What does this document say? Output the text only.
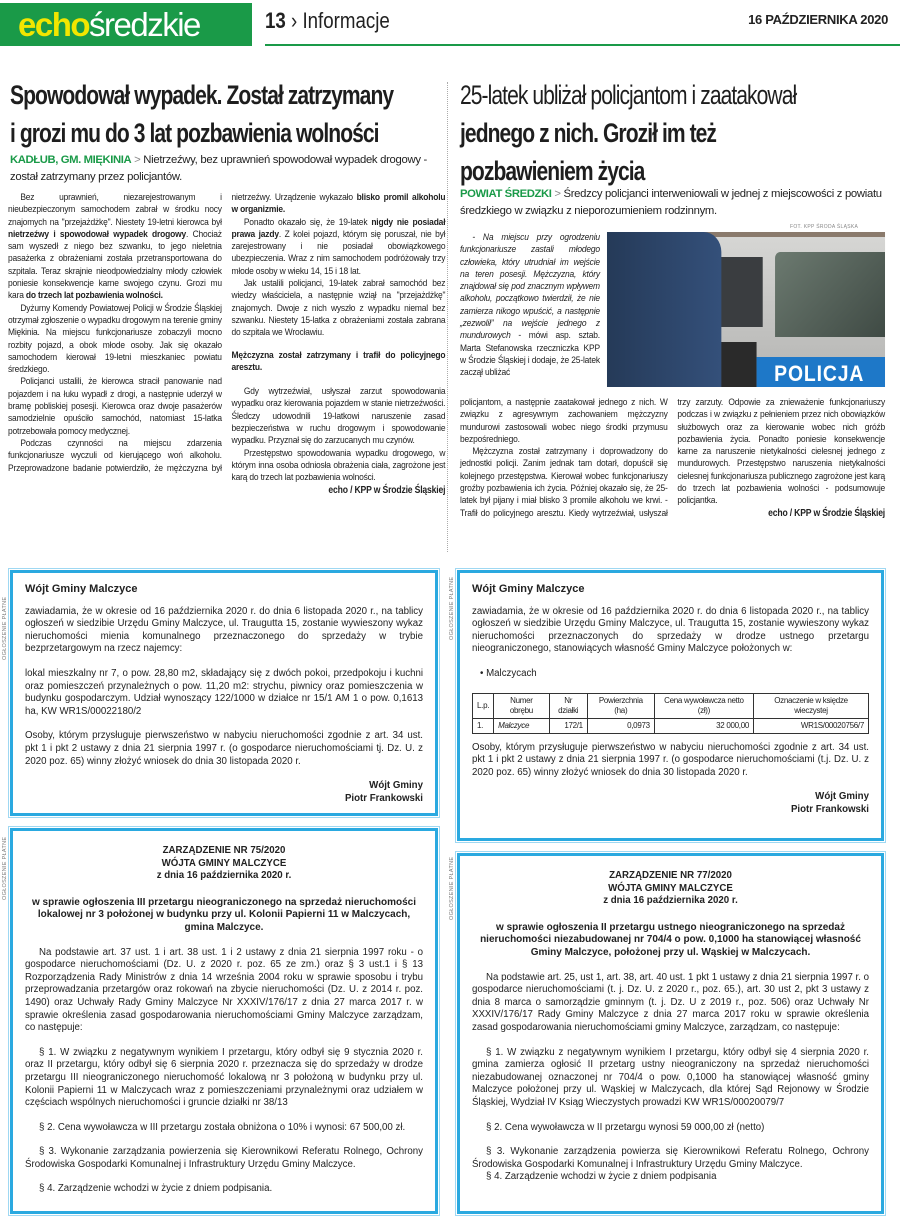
echo średzkie	13 › Informacje	16 PAŹDZIERNIKA 2020
Spowodował wypadek. Został zatrzymany
i grozi mu do 3 lat pozbawienia wolności
KADŁUB, GM. MIĘKINIA > Nietrzeźwy, bez uprawnień spowodował wypadek drogowy - został zatrzymany przez policjantów.

Bez uprawnień, niezarejestrowanym i nieubezpieczonym samochodem zabrał w środku nocy znajomych na "przejażdżkę". Niestety 19-letni kierowca był nietrzeźwy i spowodował wypadek drogowy. Chociaż sam wyszedł z niego bez szwanku, to jego nieletnia pasażerka z obrażeniami została przetransportowana do szpitala. Teraz skrajnie nieodpowiedzialny młody człowiek poniesie konsekwencje karne swojego czynu. Grozi mu kara do trzech lat pozbawienia wolności.

Dyżurny Komendy Powiatowej Policji w Środzie Śląskiej otrzymał zgłoszenie o wypadku drogowym na terenie gminy Miękinia. Na miejscu funkcjonariusze zobaczyli mocno rozbity pojazd, a obok młode osoby. Jak się okazało samochodem kierował 19-letni mieszkaniec powiatu średzkiego.

Policjanci ustalili, że kierowca stracił panowanie nad pojazdem i na łuku wypadł z drogi, a następnie uderzył w bramę pobliskiej posesji. Kierowca oraz dwoje pasażerów samodzielnie opuściło samochód, natomiast 15-latka potrzebowała pomocy medycznej.

Podczas czynności na miejscu zdarzenia funkcjonariusze wyczuli od kierującego woń alkoholu. Przeprowadzone badanie potwierdziło, że mężczyzna był nietrzeźwy. Urządzenie wykazało blisko promil alkoholu w organizmie.

Ponadto okazało się, że 19-latek nigdy nie posiadał prawa jazdy. Z kolei pojazd, którym się poruszał, nie był zarejestrowany i nie posiadał obowiązkowego ubezpieczenia. Wraz z nim samochodem podróżowały trzy młode osoby w wieku 14, 15 i 18 lat.

Jak ustalili policjanci, 19-latek zabrał samochód bez wiedzy właściciela, a następnie wziął na "przejażdżkę" znajomych. Dwoje z nich wyszło z wypadku niemal bez szwanku. Niestety 15-latka z obrażeniami została zabrana do szpitala we Wrocławiu.

Mężczyzna został zatrzymany i trafił do policyjnego aresztu.

Gdy wytrzeźwiał, usłyszał zarzut spowodowania wypadku oraz kierowania pojazdem w stanie nietrzeźwości. Śledczy udowodnili 19-latkowi naruszenie zasad bezpieczeństwa w ruchu drogowym i spowodowanie wypadku. Przyznał się do zarzucanych mu czynów.

Przestępstwo spowodowania wypadku drogowego, w którym inna osoba odniosła obrażenia ciała, zagrożone jest karą do trzech lat pozbawienia wolności.

echo / KPP w Środzie Śląskiej

25-latek ubliżał policjantom i zaatakował
jednego z nich. Groził im też
pozbawieniem życia
POWIAT ŚREDZKI > Średzcy policjanci interweniowali w jednej z miejscowości z powiatu średzkiego w związku z nieporozumieniem rodzinnym.
FOT. KPP ŚRODA ŚLĄSKA
POLICJA

- Na miejscu przy ogrodzeniu funkcjonariusze zastali młodego człowieka, który utrudniał im wejście na teren posesji. Mężczyzna, który znajdował się pod znacznym wpływem alkoholu, początkowo twierdził, że nie zamierza nikogo wpuścić, a następnie „zezwolił” na wejście jednego z mundurowych - mówi asp. sztab. Marta Stefanowska rzeczniczka KPP w Środzie Śląskiej i dodaje, że 25-latek zaczął ubliżać

policjantom, a następnie zaatakował jednego z nich. W związku z agresywnym zachowaniem mężczyzny mundurowi zastosowali wobec niego środki przymusu bezpośredniego.

Mężczyzna został zatrzymany i doprowadzony do jednostki policji. Zanim jednak tam dotarł, dopuścił się kolejnego przestępstwa. Kierował wobec funkcjonariuszy groźby pozbawienia ich życia. Później okazało się, że 25-latek był pijany i miał blisko 3 promile alkoholu we krwi. - Trafił do policyjnego aresztu. Kiedy wytrzeźwiał, usłyszał trzy zarzuty. Odpowie za znieważenie funkcjonariuszy podczas i w związku z pełnieniem przez nich obowiązków służbowych oraz za kierowanie wobec nich gróźb pozbawienia życia. Ponadto poniesie konsekwencje karne za naruszenie nietykalności cielesnej jednego z mundurowych. Przestępstwo naruszenia nietykalności cielesnej funkcjonariusza publicznego zagrożone jest karą do trzech lat pozbawienia wolności - podsumowuje policjantka.

echo / KPP w Środzie Śląskiej

OGŁOSZENIE PŁATNE	OGŁOSZENIE PŁATNE
OGŁOSZENIE PŁATNE	OGŁOSZENIE PŁATNE
Wójt Gminy Malczyce

zawiadamia, że w okresie od 16 października 2020 r. do dnia 6 listopada 2020 r., na tablicy ogłoszeń w siedzibie Urzędu Gminy Malczyce, ul. Traugutta 15, zostanie wywieszony wykaz nieruchomości mienia komunalnego przeznaczonego do sprzedaży w trybie bezprzetargowym na rzecz najemcy:

lokal mieszkalny nr 7, o pow. 28,80 m2, składający się z dwóch pokoi, przedpokoju i kuchni oraz pomieszczeń przynależnych o pow. 11,20 m2: strychu, piwnicy oraz pomieszczenia w budynku gospodarczym. Udział wynoszący 122/1000 w działce nr 15/1 AM 1 o pow. 0,1613 ha, KW WR1S/00022180/2

Osoby, którym przysługuje pierwszeństwo w nabyciu nieruchomości zgodnie z art. 34 ust. pkt 1 i pkt 2 ustawy z dnia 21 sierpnia 1997 r. (o gospodarce nieruchomościami tj. Dz. U. z 2020 poz. 65) winny złożyć wniosek do dnia 30 listopada 2020 r.

Wójt Gminy
Piotr Frankowski
Wójt Gminy Malczyce

zawiadamia, że w okresie od 16 października 2020 r. do dnia 6 listopada 2020 r., na tablicy ogłoszeń w siedzibie Urzędu Gminy Malczyce, ul. Traugutta 15, zostanie wywieszony wykaz nieruchomości przeznaczonych do sprzedaży w drodze ustnego przetargu nieograniczonego, stanowiących własność Gminy Malczyce położonych w:

• Malczycach

L.p.	Numer obrębu	Nr działki	Powierzchnia (ha)	Cena wywoławcza netto (zł))	Oznaczenie w księdze wieczystej
1.	Malczyce	172/1	0,0973	32 000,00	WR1S/00020756/7

Osoby, którym przysługuje pierwszeństwo w nabyciu nieruchomości zgodnie z art. 34 ust. pkt 1 i pkt 2 ustawy z dnia 21 sierpnia 1997 r. (o gospodarce nieruchomościami (t.j. Dz. U. z 2020 poz. 65) winny złożyć wniosek do dnia 30 listopada 2020 r.

Wójt Gminy
Piotr Frankowski
ZARZĄDZENIE NR 75/2020
WÓJTA GMINY MALCZYCE
z dnia 16 października 2020 r.

w sprawie ogłoszenia III przetargu nieograniczonego na sprzedaż nieruchomości lokalowej nr 3 położonej w budynku przy ul. Kolonii Papierni 11 w Malczycach, gmina Malczyce.

Na podstawie art. 37 ust. 1 i art. 38 ust. 1 i 2 ustawy z dnia 21 sierpnia 1997 roku - o gospodarce nieruchomościami (Dz. U. z 2020 r. poz. 65 ze zm.) oraz § 3 ust.1 i § 13 Rozporządzenia Rady Ministrów z dnia 14 września 2004 roku w sprawie sposobu i trybu przeprowadzania przetargów oraz rokowań na zbycie nieruchomości (Dz. U. z 2014 r. poz. 1490) oraz Uchwały Rady Gminy Malczyce Nr XXXIV/176/17 z dnia 27 marca 2017 r. w sprawie określenia zasad gospodarowania nieruchomościami Gminy Malczyce zarządzam, co następuje:

§ 1. W związku z negatywnym wynikiem I przetargu, który odbył się 9 stycznia 2020 r. oraz II przetargu, który odbył się 6 sierpnia 2020 r. przeznacza się do sprzedaży w drodze przetargu III nieograniczonego nieruchomość lokalową nr 3 położoną w budynku przy ul. Kolonii Papierni 11 w Malczycach wraz z pomieszczeniami przynależnymi oraz udziałem w częściach wspólnych nieruchomości i gruncie działki nr 38/13

§ 2. Cena wywoławcza w III przetargu została obniżona o 10% i wynosi: 67 500,00 zł.

§ 3. Wykonanie zarządzania powierzenia się Kierownikowi Referatu Rolnego, Ochrony Środowiska Gospodarki Komunalnej i Infrastruktury Urzędu Gminy Malczyce.

§ 4. Zarządzenie wchodzi w życie z dniem podpisania.

ZARZĄDZENIE NR 77/2020
WÓJTA GMINY MALCZYCE
z dnia 16 października 2020 r.

w sprawie ogłoszenia II przetargu ustnego nieograniczonego na sprzedaż nieruchomości niezabudowanej nr 704/4 o pow. 0,1000 ha stanowiącej własność Gminy Malczyce, położonej przy ul. Wąskiej w Malczycach.

Na podstawie art. 25, ust 1, art. 38, art. 40 ust. 1 pkt 1 ustawy z dnia 21 sierpnia 1997 r. o gospodarce nieruchomościami (t. j. Dz. U. z 2020 r., poz. 65.), art. 30 ust 2, pkt 3 ustawy z dnia 8 marca o samorządzie gminnym (t. j. Dz. U z 2019 r., poz. 506) oraz Uchwały Nr XXXIV/176/17 Rady Gminy Malczyce z dnia 27 marca 2017 roku w sprawie określenia zasad gospodarowania nieruchomościami gminy Malczyce, zarządzam, co następuje:

§ 1. W związku z negatywnym wynikiem I przetargu, który odbył się 4 sierpnia 2020 r. gmina zamierza ogłosić II przetarg ustny nieograniczony na sprzedaż nieruchomości niezabudowanej oznaczonej nr 704/4 o pow. 0,1000 ha stanowiącej własność gminy Malczyce położonej przy ul. Wąskiej w Malczycach, dla której Sąd Rejonowy w Środzie Śląskiej, Wydział IV Ksiąg Wieczystych prowadzi KW WR1S/00020079/7

§ 2. Cena wywoławcza w II przetargu wynosi 59 000,00 zł (netto)

§ 3. Wykonanie zarządzenia powierza się Kierownikowi Referatu Rolnego, Ochrony Środowiska Gospodarki Komunalnej i Infrastruktury Urzędu Gminy Malczyce.

§ 4. Zarządzenie wchodzi w życie z dniem podpisania
